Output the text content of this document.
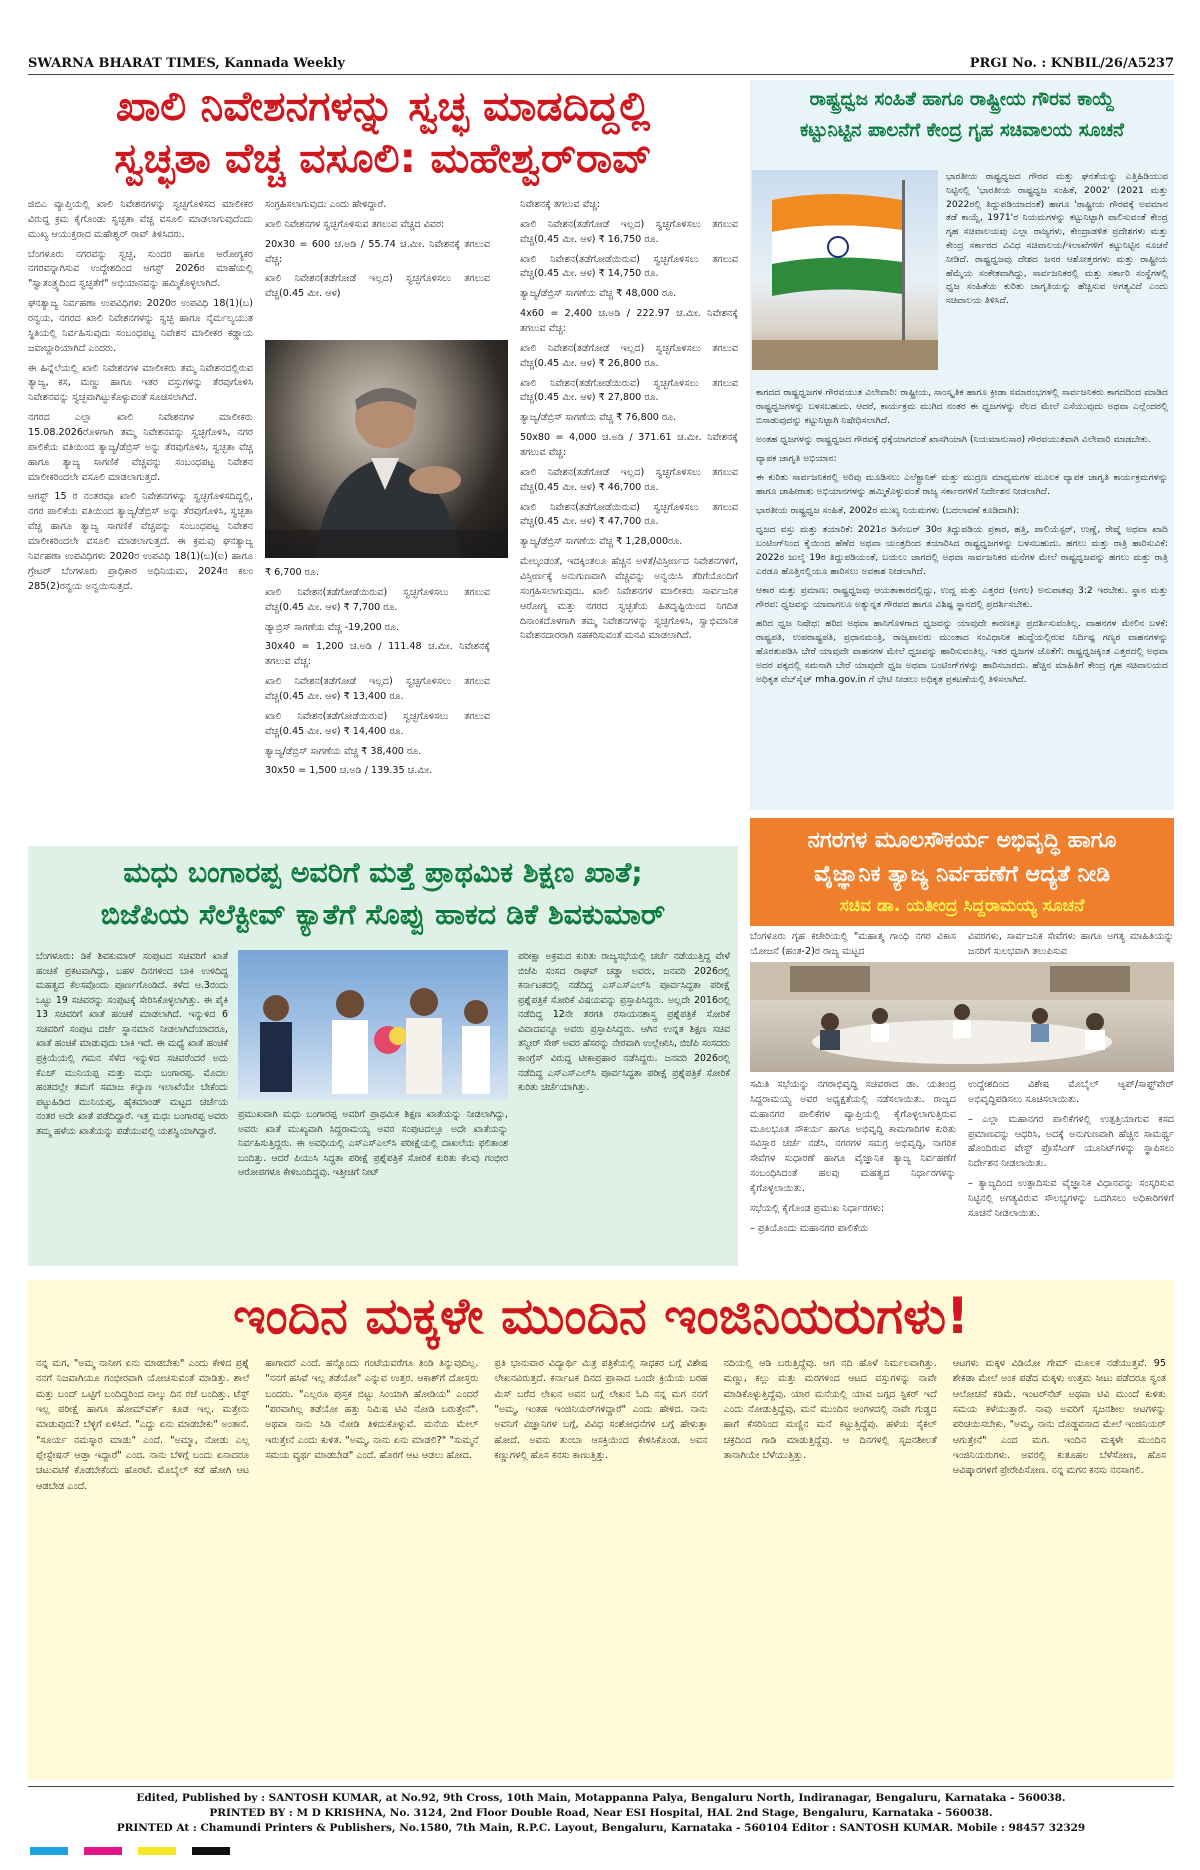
SWARNA BHARAT TIMES, Kannada Weekly	PRGI No. : KNBIL/26/A5237
ಖಾಲಿ ನಿವೇಶನಗಳನ್ನು ಸ್ವಚ್ಛ ಮಾಡದಿದ್ದಲ್ಲಿ
ಸ್ವಚ್ಛತಾ ವೆಚ್ಚ ವಸೂಲಿ: ಮಹೇಶ್ವರ್‌ರಾವ್

ಜಿಬಿಎ ವ್ಯಾಪ್ತಿಯಲ್ಲಿ ಖಾಲಿ ನಿವೇಶನಗಳನ್ನು ಸ್ವಚ್ಛಗೊಳಿಸದ ಮಾಲೀಕರ ವಿರುದ್ಧ ಕ್ರಮ ಕೈಗೊಂಡು ಸ್ವಚ್ಛತಾ ವೆಚ್ಚ ವಸೂಲಿ ಮಾಡಲಾಗುವುದೆಂದು ಮುಖ್ಯ ಆಯುಕ್ತರಾದ ಮಹೇಶ್ವರ್ ರಾವ್ ತಿಳಿಸಿದರು.

ಬೆಂಗಳೂರು ನಗರವನ್ನು ಸ್ವಚ್ಛ, ಸುಂದರ ಹಾಗೂ ಆರೋಗ್ಯಕರ ನಗರವನ್ನಾಗಿಸುವ ಉದ್ದೇಶದಿಂದ ಆಗಸ್ಟ್ 2026ರ ಮಾಹೆಯಲ್ಲಿ "ಸ್ವಾತಂತ್ರ್ಯದಿಂದ ಸ್ವಚ್ಛತೆಗೆ" ಅಭಿಯಾನವನ್ನು ಹಮ್ಮಿಕೊಳ್ಳಲಾಗಿದೆ.

ಘನತ್ಯಾಜ್ಯ ನಿರ್ವಹಣಾ ಉಪವಿಧಿಗಳು 2020ರ ಉಪವಿಧಿ 18(1)(ಬ) ರನ್ವಯ, ನಗರದ ಖಾಲಿ ನಿವೇಶನಗಳನ್ನು ಸ್ವಚ್ಛ ಹಾಗೂ ನೈರ್ಮಲ್ಯಯುತ ಸ್ಥಿತಿಯಲ್ಲಿ ನಿರ್ವಹಿಸುವುದು ಸಂಬಂಧಪಟ್ಟ ನಿವೇಶನ ಮಾಲೀಕರ ಕಡ್ಡಾಯ ಜವಾಬ್ದಾರಿಯಾಗಿದೆ ಎಂದರು.

ಈ ಹಿನ್ನೆಲೆಯಲ್ಲಿ ಖಾಲಿ ನಿವೇಶನಗಳ ಮಾಲೀಕರು ತಮ್ಮ ನಿವೇಶನದಲ್ಲಿರುವ ತ್ಯಾಜ್ಯ, ಕಸ, ಮಣ್ಣು ಹಾಗೂ ಇತರ ವಸ್ತುಗಳನ್ನು ತೆರವುಗೊಳಿಸಿ ನಿವೇಶನವನ್ನು ಸ್ವಚ್ಛವಾಗಿಟ್ಟುಕೊಳ್ಳುವಂತೆ ಸೂಚಿಸಲಾಗಿದೆ.

ನಗರದ ಎಲ್ಲಾ ಖಾಲಿ ನಿವೇಶನಗಳ ಮಾಲೀಕರು 15.08.2026ರೊಳಗಾಗಿ ತಮ್ಮ ನಿವೇಶನವನ್ನು ಸ್ವಚ್ಛಗೊಳಿಸಿ, ನಗರ ಪಾಲಿಕೆಯ ವತಿಯಿಂದ ತ್ಯಾಜ್ಯ/ಡೆಬ್ರಿಸ್ ಅನ್ನು ತೆರವುಗೊಳಿಸಿ, ಸ್ವಚ್ಛತಾ ವೆಚ್ಚ ಹಾಗೂ ತ್ಯಾಜ್ಯ ಸಾಗಣಿಕೆ ವೆಚ್ಚವನ್ನು ಸಂಬಂಧಪಟ್ಟ ನಿವೇಶನ ಮಾಲೀಕರಿಂದಲೇ ವಸೂಲಿ ಮಾಡಲಾಗುತ್ತದೆ.

ಆಗಸ್ಟ್ 15 ರ ನಂತರವೂ ಖಾಲಿ ನಿವೇಶನಗಳನ್ನು ಸ್ವಚ್ಛಗೊಳಿಸದಿದ್ದಲ್ಲಿ, ನಗರ ಪಾಲಿಕೆಯ ವತಿಯಿಂದ ತ್ಯಾಜ್ಯ/ಡೆಬ್ರಿಸ್ ಅನ್ನು ತೆರವುಗೊಳಿಸಿ, ಸ್ವಚ್ಛತಾ ವೆಚ್ಚ ಹಾಗೂ ತ್ಯಾಜ್ಯ ಸಾಗಣಿಕೆ ವೆಚ್ಚವನ್ನು ಸಂಬಂಧಪಟ್ಟ ನಿವೇಶನ ಮಾಲೀಕರಿಂದಲೇ ವಸೂಲಿ ಮಾಡಲಾಗುತ್ತದೆ. ಈ ಕ್ರಮವು ಘನತ್ಯಾಜ್ಯ ನಿರ್ವಹಣಾ ಉಪವಿಧಿಗಳು 2020ರ ಉಪವಿಧಿ 18(1)(ಬ)(ಐ) ಹಾಗೂ ಗ್ರೇಟರ್ ಬೆಂಗಳೂರು ಪ್ರಾಧಿಕಾರ ಅಧಿನಿಯಮ, 2024ರ ಕಲಂ 285(2)ರನ್ವಯ ಅನ್ವಯಿಸುತ್ತದೆ.

ಸಂಗ್ರಹಿಸಲಾಗುವುದು ಎಂದು ಹೇಳಿದ್ದಾರೆ.

ಖಾಲಿ ನಿವೇಶನಗಳ ಸ್ವಚ್ಛಗೊಳಿಸುವ ತಗಲುವ ವೆಚ್ಚದ ವಿವರ:

20x30 = 600 ಚ.ಅಡಿ / 55.74 ಚ.ಮೀ. ನಿವೇಶನಕ್ಕೆ ತಗಲುವ ವೆಚ್ಚ:

ಖಾಲಿ ನಿವೇಶನ(ತಡೆಗೋಡೆ ಇಲ್ಲದ) ಸ್ವಚ್ಛಗೊಳಿಸಲು ತಗಲುವ ವೆಚ್ಚ(0.45 ಮೀ. ಆಳ)

₹ 6,700 ರೂ.

ಖಾಲಿ ನಿವೇಶನ(ತಡೆಗೋಡೆಯಿರುವ) ಸ್ವಚ್ಛಗೊಳಿಸಲು ತಗಲುವ ವೆಚ್ಚ(0.45 ಮೀ. ಆಳ) ₹ 7,700 ರೂ.

ಡ್ಯಾಬ್ರಿಸ್ ಸಾಗಣೆಯ ವೆಚ್ಚ -19,200 ರೂ.

30x40 = 1,200 ಚ.ಅಡಿ / 111.48 ಚ.ಮೀ. ನಿವೇಶನಕ್ಕೆ ತಗಲುವ ವೆಚ್ಚ:

ಖಾಲಿ ನಿವೇಶನ(ತಡೆಗೋಡೆ ಇಲ್ಲದ) ಸ್ವಚ್ಛಗೊಳಿಸಲು ತಗಲುವ ವೆಚ್ಚ(0.45 ಮೀ. ಆಳ) ₹ 13,400 ರೂ.

ಖಾಲಿ ನಿವೇಶನ(ತಡೆಗೋಡೆಯಿರುವ) ಸ್ವಚ್ಛಗೊಳಿಸಲು ತಗಲುವ ವೆಚ್ಚ(0.45 ಮೀ. ಆಳ) ₹ 14,400 ರೂ.

ತ್ಯಾಜ್ಯ/ಡೆಬ್ರಿಸ್ ಸಾಗಣೆಯ ವೆಚ್ಚ ₹ 38,400 ರೂ.

30x50 = 1,500 ಚ.ಅಡಿ / 139.35 ಚ.ಮೀ.

ನಿವೇಶನಕ್ಕೆ ತಗಲುವ ವೆಚ್ಚ:

ಖಾಲಿ ನಿವೇಶನ(ತಡೆಗೋಡೆ ಇಲ್ಲದ) ಸ್ವಚ್ಛಗೊಳಿಸಲು ತಗಲುವ ವೆಚ್ಚ(0.45 ಮೀ. ಆಳ) ₹ 16,750 ರೂ.

ಖಾಲಿ ನಿವೇಶನ(ತಡೆಗೋಡೆಯಿರುವ) ಸ್ವಚ್ಛಗೊಳಿಸಲು ತಗಲುವ ವೆಚ್ಚ(0.45 ಮೀ. ಆಳ) ₹ 14,750 ರೂ.

ತ್ಯಾಜ್ಯ/ಡೆಬ್ರಿಸ್ ಸಾಗಣೆಯ ವೆಚ್ಚ ₹ 48,000 ರೂ.

4x60 = 2,400 ಚ.ಅಡಿ / 222.97 ಚ.ಮೀ. ನಿವೇಶನಕ್ಕೆ ತಗಲುವ ವೆಚ್ಚ:

ಖಾಲಿ ನಿವೇಶನ(ತಡೆಗೋಡೆ ಇಲ್ಲದ) ಸ್ವಚ್ಛಗೊಳಿಸಲು ತಗಲುವ ವೆಚ್ಚ(0.45 ಮೀ. ಆಳ) ₹ 26,800 ರೂ.

ಖಾಲಿ ನಿವೇಶನ(ತಡೆಗೋಡೆಯಿರುವ) ಸ್ವಚ್ಛಗೊಳಿಸಲು ತಗಲುವ ವೆಚ್ಚ(0.45 ಮೀ. ಆಳ) ₹ 27,800 ರೂ.

ತ್ಯಾಜ್ಯ/ಡೆಬ್ರಿಸ್ ಸಾಗಣೆಯ ವೆಚ್ಚ ₹ 76,800 ರೂ.

50x80 = 4,000 ಚ.ಅಡಿ / 371.61 ಚ.ಮೀ. ನಿವೇಶನಕ್ಕೆ ತಗಲುವ ವೆಚ್ಚ:

ಖಾಲಿ ನಿವೇಶನ(ತಡೆಗೋಡೆ ಇಲ್ಲದ) ಸ್ವಚ್ಛಗೊಳಿಸಲು ತಗಲುವ ವೆಚ್ಚ(0.45 ಮೀ. ಆಳ) ₹ 46,700 ರೂ.

ಖಾಲಿ ನಿವೇಶನ(ತಡೆಗೋಡೆಯಿರುವ) ಸ್ವಚ್ಛಗೊಳಿಸಲು ತಗಲುವ ವೆಚ್ಚ(0.45 ಮೀ. ಆಳ) ₹ 47,700 ರೂ.

ತ್ಯಾಜ್ಯ/ಡೆಬ್ರಿಸ್ ಸಾಗಣೆಯ ವೆಚ್ಚ ₹ 1,28,000ರೂ.

ಮೇಲ್ಕಂಡಂತೆ, ಇದಕ್ಕಿಂತಲೂ ಹೆಚ್ಚಿನ ಅಳತೆ/ವಿಸ್ತೀರ್ಣದ ನಿವೇಶನಗಳಿಗೆ, ವಿಸ್ತೀರ್ಣಕ್ಕೆ ಅನುಗುಣವಾಗಿ ವೆಚ್ಚವನ್ನು ಅನ್ವಯಿಸಿ ತೆರಿಗೆಯೊಂದಿಗೆ ಸಂಗ್ರಹಿಸಲಾಗುವುದು. ಖಾಲಿ ನಿವೇಶನಗಳ ಮಾಲೀಕರು ಸಾರ್ವಜನಿಕ ಆರೋಗ್ಯ ಮತ್ತು ನಗರದ ಸ್ವಚ್ಛತೆಯ ಹಿತದೃಷ್ಟಿಯಿಂದ ನಿಗದಿತ ದಿನಾಂಕದೊಳಗಾಗಿ ತಮ್ಮ ನಿವೇಶನಗಳನ್ನು ಸ್ವಚ್ಛಗೊಳಿಸಿ, ಸ್ವಾಭಿಮಾನಿಕ ನಿವೇಶನದಾರರಾಗಿ ಸಹಕರಿಸುವಂತೆ ಮನವಿ ಮಾಡಲಾಗಿದೆ.

ರಾಷ್ಟ್ರಧ್ವಜ ಸಂಹಿತೆ ಹಾಗೂ ರಾಷ್ಟ್ರೀಯ ಗೌರವ ಕಾಯ್ದೆ
ಕಟ್ಟುನಿಟ್ಟಿನ ಪಾಲನೆಗೆ ಕೇಂದ್ರ ಗೃಹ ಸಚಿವಾಲಯ ಸೂಚನೆ

ಭಾರತೀಯ ರಾಷ್ಟ್ರಧ್ವಜದ ಗೌರವ ಮತ್ತು ಘನತೆಯನ್ನು ಎತ್ತಿಹಿಡಿಯುವ ನಿಟ್ಟಿನಲ್ಲಿ 'ಭಾರತೀಯ ರಾಷ್ಟ್ರಧ್ವಜ ಸಂಹಿತೆ, 2002' (2021 ಮತ್ತು 2022ರಲ್ಲಿ ತಿದ್ದುಪಡಿಯಾದಂತೆ) ಹಾಗೂ 'ರಾಷ್ಟ್ರೀಯ ಗೌರವಕ್ಕೆ ಅವಮಾನ ತಡೆ ಕಾಯ್ದೆ, 1971'ರ ನಿಯಮಗಳನ್ನು ಕಟ್ಟುನಿಟ್ಟಾಗಿ ಪಾಲಿಸುವಂತೆ ಕೇಂದ್ರ ಗೃಹ ಸಚಿವಾಲಯವು ಎಲ್ಲಾ ರಾಜ್ಯಗಳು, ಕೇಂದ್ರಾಡಳಿತ ಪ್ರದೇಶಗಳು ಮತ್ತು ಕೇಂದ್ರ ಸರ್ಕಾರದ ವಿವಿಧ ಸಚಿವಾಲಯ/ಇಲಾಖೆಗಳಿಗೆ ಕಟ್ಟುನಿಟ್ಟಿನ ಸೂಚನೆ ನೀಡಿದೆ. ರಾಷ್ಟ್ರಧ್ವಜವು ದೇಶದ ಜನರ ಆಶೋತ್ತರಗಳು ಮತ್ತು ರಾಷ್ಟ್ರೀಯ ಹೆಮ್ಮೆಯ ಸಂಕೇತವಾಗಿದ್ದು, ಸಾರ್ವಜನಿಕರಲ್ಲಿ ಮತ್ತು ಸರ್ಕಾರಿ ಸಂಸ್ಥೆಗಳಲ್ಲಿ ಧ್ವಜ ಸಂಹಿತೆಯ ಕುರಿತು ಜಾಗೃತಿಯನ್ನು ಹೆಚ್ಚಿಸುವ ಅಗತ್ಯವಿದೆ ಎಂದು ಸಚಿವಾಲಯ ತಿಳಿಸಿದೆ.

ಕಾಗದದ ರಾಷ್ಟ್ರಧ್ವಜಗಳ ಗೌರವಯುತ ವಿಲೇವಾರಿ: ರಾಷ್ಟ್ರೀಯ, ಸಾಂಸ್ಕೃತಿಕ ಹಾಗೂ ಕ್ರೀಡಾ ಸಮಾರಂಭಗಳಲ್ಲಿ ಸಾರ್ವಜನಿಕರು ಕಾಗದದಿಂದ ಮಾಡಿದ ರಾಷ್ಟ್ರಧ್ವಜಗಳನ್ನು ಬಳಸಬಹುದು. ಆದರೆ, ಕಾರ್ಯಕ್ರಮ ಮುಗಿದ ನಂತರ ಈ ಧ್ವಜಗಳನ್ನು ನೆಲದ ಮೇಲೆ ಎಸೆಯುವುದು ಅಥವಾ ಎಲ್ಲೆಂದರಲ್ಲಿ ಬಿಸಾಡುವುದನ್ನು ಕಟ್ಟುನಿಟ್ಟಾಗಿ ನಿಷೇಧಿಸಲಾಗಿದೆ.

ಅಂತಹ ಧ್ವಜಗಳನ್ನು ರಾಷ್ಟ್ರಧ್ವಜದ ಗೌರವಕ್ಕೆ ಧಕ್ಕೆಯಾಗದಂತೆ ಖಾಸಗಿಯಾಗಿ (ನಿಯಮಾನುಸಾರ) ಗೌರವಯುತವಾಗಿ ವಿಲೇವಾರಿ ಮಾಡಬೇಕು.

ವ್ಯಾಪಕ ಜಾಗೃತಿ ಅಭಿಯಾನ:

ಈ ಕುರಿತು ಸಾರ್ವಜನಿಕರಲ್ಲಿ ಅರಿವು ಮೂಡಿಸಲು ಎಲೆಕ್ಟ್ರಾನಿಕ್ ಮತ್ತು ಮುದ್ರಣ ಮಾಧ್ಯಮಗಳ ಮೂಲಕ ವ್ಯಾಪಕ ಜಾಗೃತಿ ಕಾರ್ಯಕ್ರಮಗಳನ್ನು ಹಾಗೂ ಜಾಹೀರಾತು ಅಭಿಯಾನಗಳನ್ನು ಹಮ್ಮಿಕೊಳ್ಳುವಂತೆ ರಾಜ್ಯ ಸರ್ಕಾರಗಳಿಗೆ ನಿರ್ದೇಶನ ನೀಡಲಾಗಿದೆ.

ಭಾರತೀಯ ರಾಷ್ಟ್ರಧ್ವಜ ಸಂಹಿತೆ, 2002ರ ಮುಖ್ಯ ನಿಯಮಗಳು (ಬದಲಾವಣೆ ಕೂಡಿದಾಗಿ):

ಧ್ವಜದ ವಸ್ತು ಮತ್ತು ತಯಾರಿಕೆ: 2021ರ ಡಿಸೆಂಬರ್ 30ರ ತಿದ್ದುಪಡಿಯ ಪ್ರಕಾರ, ಹತ್ತಿ, ಪಾಲಿಯೆಸ್ಟರ್, ಉಣ್ಣೆ, ರೇಷ್ಮೆ ಅಥವಾ ಖಾದಿ ಬಂಟಿಂಗ್‌ನಿಂದ ಕೈಯಿಂದ ಹೆಣೆದ ಅಥವಾ ಯಂತ್ರದಿಂದ ತಯಾರಿಸಿದ ರಾಷ್ಟ್ರಧ್ವಜಗಳನ್ನು ಬಳಸಬಹುದು. ಹಗಲು ಮತ್ತು ರಾತ್ರಿ ಹಾರಿಸುವಿಕೆ: 2022ರ ಜುಲೈ 19ರ ತಿದ್ದುಪಡಿಯಂತೆ, ಬಯಲು ಜಾಗದಲ್ಲಿ ಅಥವಾ ಸಾರ್ವಜನಿಕರ ಮನೆಗಳ ಮೇಲೆ ರಾಷ್ಟ್ರಧ್ವಜವನ್ನು ಹಗಲು ಮತ್ತು ರಾತ್ರಿ ಎರಡೂ ಹೊತ್ತಿನಲ್ಲಿಯೂ ಹಾರಿಸಲು ಅವಕಾಶ ನೀಡಲಾಗಿದೆ.

ಆಕಾರ ಮತ್ತು ಪ್ರಮಾಣ: ರಾಷ್ಟ್ರಧ್ವಜವು ಆಯತಾಕಾರದಲ್ಲಿದ್ದು, ಉದ್ದ ಮತ್ತು ಎತ್ತರದ (ಅಗಲ) ಅನುಪಾತವು 3:2 ಇರಬೇಕು. ಸ್ಥಾನ ಮತ್ತು ಗೌರವ: ಧ್ವಜವನ್ನು ಯಾವಾಗಲೂ ಅತ್ಯುನ್ನತ ಗೌರವದ ಹಾಗೂ ವಿಶಿಷ್ಟ ಸ್ಥಾನದಲ್ಲಿ ಪ್ರದರ್ಶಿಸಬೇಕು.

ಹರಿದ ಧ್ವಜ ನಿಷೇಧ: ಹರಿದ ಅಥವಾ ಹಾನಿಗೊಳಗಾದ ಧ್ವಜವನ್ನು ಯಾವುದೇ ಕಾರಣಕ್ಕೂ ಪ್ರದರ್ಶಿಸುವಂತಿಲ್ಲ. ವಾಹನಗಳ ಮೇಲಿನ ಬಳಕೆ: ರಾಷ್ಟ್ರಪತಿ, ಉಪರಾಷ್ಟ್ರಪತಿ, ಪ್ರಧಾನಮಂತ್ರಿ, ರಾಜ್ಯಪಾಲರು ಮುಂತಾದ ಸಂವಿಧಾನಿಕ ಹುದ್ದೆಯಲ್ಲಿರುವ ನಿರ್ದಿಷ್ಟ ಗಣ್ಯರ ವಾಹನಗಳನ್ನು ಹೊರತುಪಡಿಸಿ ಬೇರೆ ಯಾವುದೇ ವಾಹನಗಳ ಮೇಲೆ ಧ್ವಜವನ್ನು ಹಾರಿಸುವಂತಿಲ್ಲ. ಇತರ ಧ್ವಜಗಳ ಜೊತೆಗೆ: ರಾಷ್ಟ್ರಧ್ವಜಕ್ಕಿಂತ ಎತ್ತರದಲ್ಲಿ ಅಥವಾ ಅದರ ಪಕ್ಕದಲ್ಲಿ ಸಮನಾಗಿ ಬೇರೆ ಯಾವುದೇ ಧ್ವಜ ಅಥವಾ ಬಂಟಿಂಗ್‌ಗಳನ್ನು ಹಾರಿಸಬಾರದು. ಹೆಚ್ಚಿನ ಮಾಹಿತಿಗೆ ಕೇಂದ್ರ ಗೃಹ ಸಚಿವಾಲಯದ ಅಧಿಕೃತ ವೆಬ್‌ಸೈಟ್ mha.gov.in ಗೆ ಭೇಟಿ ನೀಡಲು ಅಧಿಕೃತ ಪ್ರಕಟಣೆಯಲ್ಲಿ ತಿಳಿಸಲಾಗಿದೆ.

ನಗರಗಳ ಮೂಲಸೌಕರ್ಯ ಅಭಿವೃದ್ಧಿ ಹಾಗೂ
ವೈಜ್ಞಾನಿಕ ತ್ಯಾಜ್ಯ ನಿರ್ವಹಣೆಗೆ ಆದ್ಯತೆ ನೀಡಿ
ಸಚಿವ ಡಾ. ಯತೀಂದ್ರ ಸಿದ್ದರಾಮಯ್ಯ ಸೂಚನೆ

ಬೆಂಗಳೂರು ಗೃಹ ಕಚೇರಿಯಲ್ಲಿ "ಮಹಾತ್ಮ ಗಾಂಧಿ ನಗರ ವಿಕಾಸ ಯೋಜನೆ (ಹಂತ-2)ರ ರಾಜ್ಯ ಮಟ್ಟದ

ವಿವರಗಳು, ಸಾರ್ವಜನಿಕ ಸೇವೆಗಳು ಹಾಗೂ ಅಗತ್ಯ ಮಾಹಿತಿಯನ್ನು ಜನರಿಗೆ ಸುಲಭವಾಗಿ ತಲುಪಿಸುವ

ಸಮಿತಿ ಸಭೆಯನ್ನು ನಗರಾಭಿವೃದ್ಧಿ ಸಚಿವರಾದ ಡಾ. ಯತೀಂದ್ರ ಸಿದ್ದರಾಮಯ್ಯ ಅವರ ಅಧ್ಯಕ್ಷತೆಯಲ್ಲಿ ನಡೆಸಲಾಯಿತು. ರಾಜ್ಯದ ಮಹಾನಗರ ಪಾಲಿಕೆಗಳ ವ್ಯಾಪ್ತಿಯಲ್ಲಿ ಕೈಗೊಳ್ಳಲಾಗುತ್ತಿರುವ ಮೂಲಭೂತ ಸೌಕರ್ಯ ಹಾಗೂ ಅಭಿವೃದ್ಧಿ ಕಾಮಗಾರಿಗಳ ಕುರಿತು ಸವಿಸ್ತಾರ ಚರ್ಚೆ ನಡೆಸಿ, ನಗರಗಳ ಸಮಗ್ರ ಅಭಿವೃದ್ಧಿ, ನಾಗರಿಕ ಸೇವೆಗಳ ಸುಧಾರಣೆ ಹಾಗೂ ವೈಜ್ಞಾನಿಕ ತ್ಯಾಜ್ಯ ನಿರ್ವಹಣೆಗೆ ಸಂಬಂಧಿಸಿದಂತೆ ಹಲವು ಮಹತ್ವದ ನಿರ್ಧಾರಗಳನ್ನು ಕೈಗೊಳ್ಳಲಾಯಿತು.

ಸಭೆಯಲ್ಲಿ ಕೈಗೊಂಡ ಪ್ರಮುಖ ನಿರ್ಧಾರಗಳು:

– ಪ್ರತಿಯೊಂದು ಮಹಾನಗರ ಪಾಲಿಕೆಯ

ಉದ್ದೇಶದಿಂದ ವಿಶೇಷ ಮೊಬೈಲ್ ಆ್ಯಪ್/ಸಾಫ್ಟ್‌ವೇರ್ ಅಭಿವೃದ್ಧಿಪಡಿಸಲು ಸೂಚಿಸಲಾಯಿತು.

– ಎಲ್ಲಾ ಮಹಾನಗರ ಪಾಲಿಕೆಗಳಲ್ಲಿ ಉತ್ಪತ್ತಿಯಾಗುವ ಕಸದ ಪ್ರಮಾಣವನ್ನು ಆಧರಿಸಿ, ಅದಕ್ಕೆ ಅನುಗುಣವಾಗಿ ಹೆಚ್ಚಿನ ಸಾಮರ್ಥ್ಯ ಹೊಂದಿರುವ ವೇಸ್ಟ್ ಪ್ರೊಸೆಸಿಂಗ್ ಯೂನಿಟ್‌ಗಳನ್ನು ಸ್ಥಾಪಿಸಲು ನಿರ್ದೇಶನ ನೀಡಲಾಯಿತು.

– ತ್ಯಾಜ್ಯದಿಂದ ಉತ್ಪಾದಿಸುವ ವೈಜ್ಞಾನಿಕ ವಿಧಾನವನ್ನು ಸಂಸ್ಕರಿಸುವ ನಿಟ್ಟಿನಲ್ಲಿ ಅಗತ್ಯವಿರುವ ಸೌಲಭ್ಯಗಳನ್ನು ಒದಗಿಸಲು ಅಧಿಕಾರಿಗಳಿಗೆ ಸೂಚನೆ ನೀಡಲಾಯಿತು.

ಮಧು ಬಂಗಾರಪ್ಪ ಅವರಿಗೆ ಮತ್ತೆ ಪ್ರಾಥಮಿಕ ಶಿಕ್ಷಣ ಖಾತೆ;
ಬಿಜೆಪಿಯ ಸೆಲೆಕ್ಟೀವ್ ಕ್ಯಾತೆಗೆ ಸೊಪ್ಪು ಹಾಕದ ಡಿಕೆ ಶಿವಕುಮಾರ್

ಬೆಂಗಳೂರು: ಡಿಕೆ ಶಿವಕುಮಾರ್ ಸಂಪುಟದ ಸಚಿವರಿಗೆ ಖಾತೆ ಹಂಚಿಕೆ ಪ್ರಕಟವಾಗಿದ್ದು, ಬಹಳ ದಿನಗಳಿಂದ ಬಾಕಿ ಉಳಿದಿದ್ದ ಮಹತ್ವದ ಕೆಲಸವೊಂದು ಪೂರ್ಣಗೊಂಡಿದೆ. ಕಳೆದ ಆ.3ರಂದು ಒಟ್ಟು 19 ಸಚಿವರನ್ನು ಸಂಪುಟಕ್ಕೆ ಸೇರಿಸಿಕೊಳ್ಳಲಾಗಿತ್ತು. ಈ ಪೈಕಿ 13 ಸಚಿವರಿಗೆ ಖಾತೆ ಹಂಚಿಕೆ ಮಾಡಲಾಗಿದೆ. ಇನ್ನುಳಿದ 6 ಸಚಿವರಿಗೆ ಸಂಪುಟ ದರ್ಜೆ ಸ್ಥಾನಮಾನ ನೀಡಲಾಗಿದೆಯಾದರೂ, ಖಾತೆ ಹಂಚಿಕೆ ಮಾಡುವುದು ಬಾಕಿ ಇದೆ. ಈ ಮಧ್ಯೆ ಖಾತೆ ಹಂಚಿಕೆ ಪ್ರಕ್ರಿಯೆಯಲ್ಲಿ ಗಮನ ಸೆಳೆದ ಇನ್ನುಳಿದ ಸಚಿವರೆಂದರೆ ಅದು ಕೆಎಚ್ ಮುನಿಯಪ್ಪ ಮತ್ತು ಮಧು ಬಂಗಾರಪ್ಪ. ಮೊದಲ ಹಂತದಲ್ಲೇ ತಮಗೆ ಸಮಾಜ ಕಲ್ಯಾಣ ಇಲಾಖೆಯೇ ಬೇಕೆಂದು ಪಟ್ಟುಹಿಡಿದ ಮುನಿಯಪ್ಪ, ಹೈಕಮಾಂಡ್ ಮಟ್ಟದ ಚರ್ಚೆಯ ನಂತರ ಅದೇ ಖಾತೆ ಪಡೆದಿದ್ದಾರೆ. ಇತ್ತ ಮಧು ಬಂಗಾರಪ್ಪ ಅವರು ತಮ್ಮ ಹಳೆಯ ಖಾತೆಯನ್ನು ಪಡೆಯುವಲ್ಲಿ ಯಶಸ್ವಿಯಾಗಿದ್ದಾರೆ.

ಪ್ರಮುಖವಾಗಿ ಮಧು ಬಂಗಾರಪ್ಪ ಅವರಿಗೆ ಪ್ರಾಥಮಿಕ ಶಿಕ್ಷಣ ಖಾತೆಯನ್ನು ನೀಡಲಾಗಿದ್ದು, ಅವರು ಖಾತೆ ಮುಖ್ಯವಾಗಿ ಸಿದ್ದರಾಮಯ್ಯ ಅವರ ಸಂಪುಟದಲ್ಲೂ ಅದೇ ಖಾತೆಯನ್ನು ನಿರ್ವಹಿಸುತ್ತಿದ್ದರು. ಈ ಅವಧಿಯಲ್ಲಿ ಎಸ್‌ಎಸ್‌ಎಲ್‌ಸಿ ಪರೀಕ್ಷೆಯಲ್ಲಿ ದಾಖಲೆಯ ಫಲಿತಾಂಶ ಬಂದಿತ್ತು. ಆದರೆ ಪಿಯುಸಿ ಸಿದ್ದತಾ ಪರೀಕ್ಷೆ ಪ್ರಶ್ನೆಪತ್ರಿಕೆ ಸೋರಿಕೆ ಕುರಿತು ಕೆಲವು ಗಂಭೀರ ಆರೋಪಗಳೂ ಕೇಳಿಬಂದಿದ್ದವು. ಇತ್ತೀಚಿಗೆ ನೀಟ್

ಪರೀಕ್ಷಾ ಅಕ್ರಮದ ಕುರಿತು ರಾಜ್ಯಸಭೆಯಲ್ಲಿ ಚರ್ಚೆ ನಡೆಯುತ್ತಿದ್ದ ವೇಳೆ ಬಿಜೆಪಿ ಸಂಸದ ರಾಘವ್ ಚಡ್ಡಾ ಅವರು, ಜನವರಿ 2026ರಲ್ಲಿ ಕರ್ನಾಟಕದಲ್ಲಿ ನಡೆದಿದ್ದ ಎಸ್‌ಎಸ್‌ಎಲ್‌ಸಿ ಪೂರ್ವಸಿದ್ಧತಾ ಪರೀಕ್ಷೆ ಪ್ರಶ್ನೆಪತ್ರಿಕೆ ಸೋರಿಕೆ ವಿಷಯವನ್ನು ಪ್ರಸ್ತಾಪಿಸಿದ್ದರು. ಅಲ್ಲದೇ 2016ರಲ್ಲಿ ನಡೆದಿದ್ದ 12ನೇ ತರಗತಿ ರಸಾಯನಶಾಸ್ತ್ರ ಪ್ರಶ್ನೆಪತ್ರಿಕೆ ಸೋರಿಕೆ ವಿವಾದವನ್ನೂ ಅವರು ಪ್ರಸ್ತಾಪಿಸಿದ್ದರು. ಆಗಿನ ಉನ್ನತ ಶಿಕ್ಷಣ ಸಚಿವ ತನ್ವೀರ್ ಸೇಠ್ ಅವರ ಹೆಸರನ್ನು ನೇರವಾಗಿ ಉಲ್ಲೇಖಿಸಿ, ಬಿಜೆಪಿ ಸಂಸದರು ಕಾಂಗ್ರೆಸ್ ವಿರುದ್ಧ ಟೀಕಾಪ್ರಹಾರ ನಡೆಸಿದ್ದರು. ಜನವರಿ 2026ರಲ್ಲಿ ನಡೆದಿದ್ದ ಎಸ್‌ಎಸ್‌ಎಲ್‌ಸಿ ಪೂರ್ವಸಿದ್ಧತಾ ಪರೀಕ್ಷೆ ಪ್ರಶ್ನೆಪತ್ರಿಕೆ ಸೋರಿಕೆ ಕುರಿತು ಚರ್ಚೆಯಾಗಿತ್ತು.

ಇಂದಿನ ಮಕ್ಕಳೇ ಮುಂದಿನ ಇಂಜಿನಿಯರುಗಳು!

ನನ್ನ ಮಗ, "ಅಮ್ಮ ನಾನೀಗ ಏನು ಮಾಡಬೇಕು" ಎಂದು ಕೇಳಿದ ಪ್ರಶ್ನೆ ನನಗೆ ನಿಜವಾಗಿಯೂ ಗಂಭೀರವಾಗಿ ಯೋಚಿಸುವಂತೆ ಮಾಡಿತ್ತು. ಶಾಲೆ ಮತ್ತು ಬಂದ್ ಒಟ್ಟಿಗೆ ಬಂದಿದ್ದರಿಂದ ನಾಲ್ಕು ದಿನ ರಜೆ ಬಂದಿತ್ತು. ಟೆಸ್ಟ್ ಇಲ್ಲ ಪರೀಕ್ಷೆ ಹಾಗೂ ಹೋಮ್‌ವರ್ಕ್ ಕೂಡ ಇಲ್ಲ. ಮತ್ತೇನು ಮಾಡುವುದು? ಬೆಳ್ಳಿಗೆ ಏಳಿಸಿದೆ. "ಎದ್ದು ಏನು ಮಾಡಬೇಕು" ಅಂತಾನೆ. "ಸೂರ್ಯ ನಮಸ್ಕಾರ ಮಾಡು" ಎಂದೆ. "ಅಮ್ಮಾ, ನೋಡು ಎಲ್ಲ ಪ್ಲೇಸ್ಟೇಷನ್ ಆಡ್ತಾ ಇದ್ದಾರೆ" ಎಂದ. ನಾನು ಬೆಳಿಗ್ಗೆ ಬಂದು ಏನಾದರೂ ಚಟುವಟಿಕೆ ಕೊಡಬೇಕೆಂದು ಹೊರಟೆ. ಮೊಬೈಲ್ ಕಡೆ ಹೋಗಿ ಆಟ ಆಡಬೇಡ ಎಂದೆ.

ಹಾಗಾದರೆ ಎಂದೆ. ಹನ್ನೊಂದು ಗಂಟೆಯವರೆಗೂ ತಿಂಡಿ ತಿನ್ನುವುದಿಲ್ಲ. "ನನಗೆ ಹಸಿವೆ ಇಲ್ಲ ತಡೆಯೋ" ಎನ್ನುವ ಉತ್ತರ. ಆಕಾಶ್‌ಗೆ ದೋಸ್ತರು ಬಂದರು. "ಎಲ್ಲರೂ ಪುಸ್ತಕ ಬಿಟ್ಟು ಸಿಂಯಾಗಿ ಹೋಡಿಯ" ಎಂದರೆ "ಪರವಾಗಿಲ್ಲ ತಡೆಯೋ ಹತ್ತು ನಿಮಿಷ ಟಿವಿ ನೋಡಿ ಬರುತ್ತೇನೆ". ಅಥವಾ ನಾನು ಸಿಡಿ ನೋಡಿ ತಿಳಿದುಕೊಳ್ಳುವೆ. ಮನೆಯ ಮೇಲ್ ಇರುತ್ತೇನೆ ಎಂದು ಕುಳಿತ. "ಅಮ್ಮ, ನಾನು ಏನು ಮಾಡಲಿ?" "ಸುಮ್ಮನೆ ಸಮಯ ವ್ಯರ್ಥ ಮಾಡಬೇಡ" ಎಂದೆ. ಹೊರಗೆ ಆಟ ಆಡಲು ಹೋದ.

ಪ್ರತಿ ಭಾನುವಾರ ವಿದ್ಯಾರ್ಥಿ ಮಿತ್ರ ಪತ್ರಿಕೆಯಲ್ಲಿ ಸಾಧಕರ ಬಗ್ಗೆ ವಿಶೇಷ ಲೇಖನವಿರುತ್ತದೆ. ಕರ್ನಾಟಕ ದಿನದ ಪ್ರಾಸಾದ ಒಂದೇ ಕ್ರಿಯೆಯ ಬರಹ ಮಿಸ್ ಬರೆದ ಲೇಖನ ಅವನ ಬಗ್ಗೆ ಲೇಖನ ಓದಿ ನನ್ನ ಮಗ ನನಗೆ "ಅಮ್ಮ, ಇಂತಹ ಇಂಜಿನಿಯರ್‌ಗಳಿದ್ದಾರೆ" ಎಂದು ಹೇಳಿದ. ನಾನು ಅವನಿಗೆ ವಿಜ್ಞಾನಿಗಳ ಬಗ್ಗೆ, ವಿವಿಧ ಸಂಶೋಧನೆಗಳ ಬಗ್ಗೆ ಹೇಳುತ್ತಾ ಹೋದೆ. ಅವನು ತುಂಬಾ ಆಸಕ್ತಿಯಿಂದ ಕೇಳಿಸಿಕೊಂಡ. ಅವನ ಕಣ್ಣುಗಳಲ್ಲಿ ಹೊಸ ಕನಸು ಕಾಣುತ್ತಿತ್ತು.

ನದಿಯಲ್ಲಿ ಆಡಿ ಬರುತ್ತಿದ್ದೆವು. ಆಗ ನದಿ ಹೊಳೆ ನಿರ್ಮಲವಾಗಿತ್ತು. ಮಣ್ಣು, ಕಲ್ಲು ಮತ್ತು ಮರಗಳಿಂದ ಆಟದ ವಸ್ತುಗಳನ್ನು ನಾವೇ ಮಾಡಿಕೊಳ್ಳುತ್ತಿದ್ದೆವು. ಯಾರ ಮನೆಯಲ್ಲಿ ಯಾವ ಬಗ್ಗದ ಸ್ಟಿಕರ್ ಇದೆ ಎಂದು ನೋಡುತ್ತಿದ್ದೆವು. ಮನೆ ಮುಂದಿನ ಅಂಗಳದಲ್ಲಿ ನಾವೇ ಗುಡ್ಡದ ಹಾಗೆ ಕೆಸರಿನಿಂದ ಮಣ್ಣಿನ ಮನೆ ಕಟ್ಟುತ್ತಿದ್ದೆವು. ಹಳೆಯ ಸೈಕಲ್ ಚಕ್ರದಿಂದ ಗಾಡಿ ಮಾಡುತ್ತಿದ್ದೆವು. ಆ ದಿನಗಳಲ್ಲಿ ಸೃಜನಶೀಲತೆ ತಾನಾಗಿಯೇ ಬೆಳೆಯುತ್ತಿತ್ತು.

ಆಟಗಳು ಮಕ್ಕಳ ವಿಡಿಯೋ ಗೇಮ್ ಮೂಲಕ ನಡೆಯುತ್ತವೆ. 95 ಶೇಕಡಾ ಮೇಲೆ ಅಂಕ ಪಡೆದ ಮಕ್ಕಳು ಉತ್ತಮ ಸೀಟು ಪಡೆದರೂ ಸ್ವಂತ ಆಲೋಚನೆ ಕಡಿಮೆ. ಇಂಟರ್‌ನೆಟ್ ಅಥವಾ ಟಿವಿ ಮುಂದೆ ಕುಳಿತು ಸಮಯ ಕಳೆಯುತ್ತಾರೆ. ನಾವು ಅವರಿಗೆ ಸೃಜನಶೀಲ ಆಟಗಳನ್ನು ಪರಿಚಯಿಸಬೇಕು. "ಅಮ್ಮ, ನಾನು ದೊಡ್ಡವನಾದ ಮೇಲೆ ಇಂಜಿನಿಯರ್ ಆಗುತ್ತೇನೆ" ಎಂದ ಮಗ. ಇಂದಿನ ಮಕ್ಕಳೇ ಮುಂದಿನ ಇಂಜಿನಿಯರುಗಳು. ಅವರಲ್ಲಿ ಕುತೂಹಲ ಬೆಳೆಸೋಣ, ಹೊಸ ಆವಿಷ್ಕಾರಗಳಿಗೆ ಪ್ರೇರೇಪಿಸೋಣ. ನನ್ನ ಮಗನ ಕನಸು ನನಸಾಗಲಿ.

Edited, Published by : SANTOSH KUMAR, at No.92, 9th Cross, 10th Main, Motappanna Palya, Bengaluru North, Indiranagar, Bengaluru, Karnataka - 560038.
PRINTED BY : M D KRISHNA, No. 3124, 2nd Floor Double Road, Near ESI Hospital, HAL 2nd Stage, Bengaluru, Karnataka - 560038.
PRINTED At : Chamundi Printers & Publishers, No.1580, 7th Main, R.P.C. Layout, Bengaluru, Karnataka - 560104 Editor : SANTOSH KUMAR. Mobile : 98457 32329
